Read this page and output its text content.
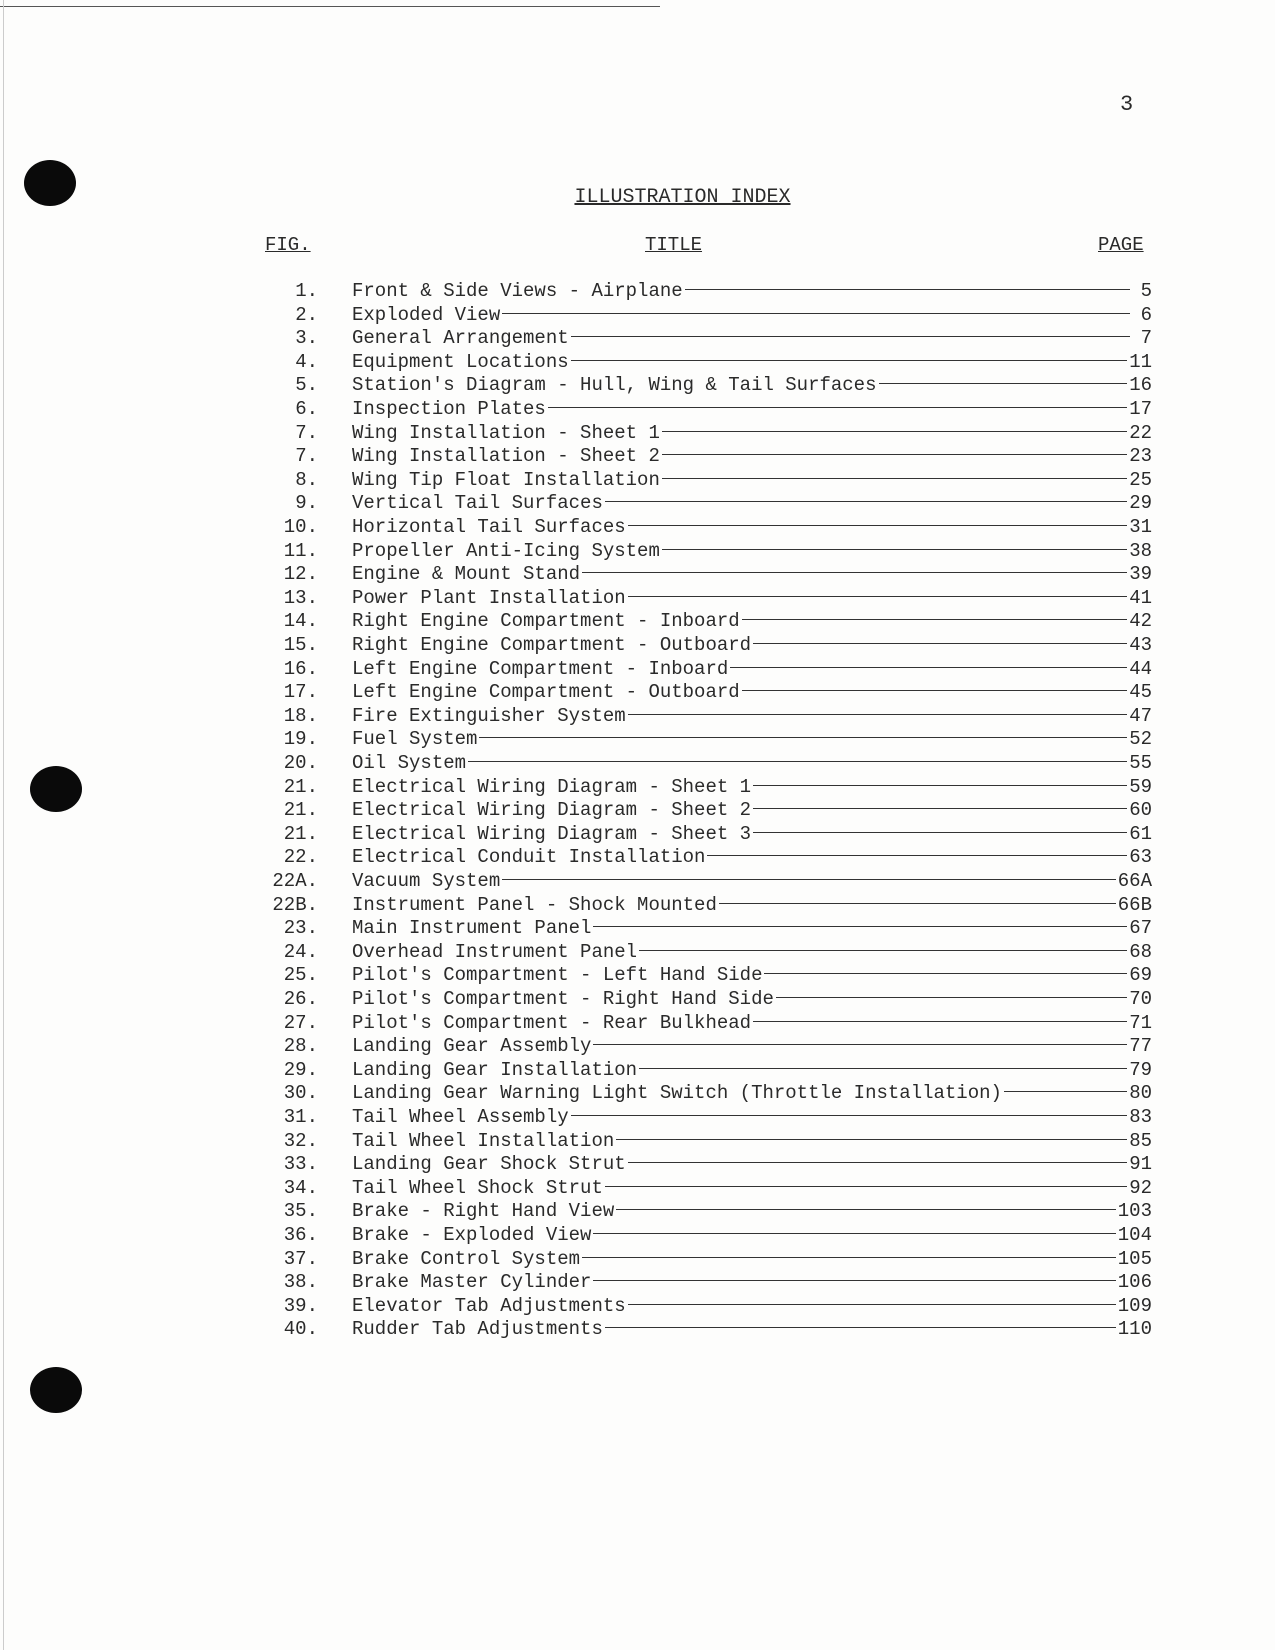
3
ILLUSTRATION INDEX
FIG.	TITLE	PAGE
1.	Front & Side Views - Airplane	5
2.	Exploded View	6
3.	General Arrangement	7
4.	Equipment Locations	11
5.	Station's Diagram - Hull, Wing & Tail Surfaces	16
6.	Inspection Plates	17
7.	Wing Installation - Sheet 1	22
7.	Wing Installation - Sheet 2	23
8.	Wing Tip Float Installation	25
9.	Vertical Tail Surfaces	29
10.	Horizontal Tail Surfaces	31
11.	Propeller Anti-Icing System	38
12.	Engine & Mount Stand	39
13.	Power Plant Installation	41
14.	Right Engine Compartment - Inboard	42
15.	Right Engine Compartment - Outboard	43
16.	Left Engine Compartment - Inboard	44
17.	Left Engine Compartment - Outboard	45
18.	Fire Extinguisher System	47
19.	Fuel System	52
20.	Oil System	55
21.	Electrical Wiring Diagram - Sheet 1	59
21.	Electrical Wiring Diagram - Sheet 2	60
21.	Electrical Wiring Diagram - Sheet 3	61
22.	Electrical Conduit Installation	63
22A.	Vacuum System	66A
22B.	Instrument Panel - Shock Mounted	66B
23.	Main Instrument Panel	67
24.	Overhead Instrument Panel	68
25.	Pilot's Compartment - Left Hand Side	69
26.	Pilot's Compartment - Right Hand Side	70
27.	Pilot's Compartment - Rear Bulkhead	71
28.	Landing Gear Assembly	77
29.	Landing Gear Installation	79
30.	Landing Gear Warning Light Switch (Throttle Installation)	80
31.	Tail Wheel Assembly	83
32.	Tail Wheel Installation	85
33.	Landing Gear Shock Strut	91
34.	Tail Wheel Shock Strut	92
35.	Brake - Right Hand View	103
36.	Brake - Exploded View	104
37.	Brake Control System	105
38.	Brake Master Cylinder	106
39.	Elevator Tab Adjustments	109
40.	Rudder Tab Adjustments	110
